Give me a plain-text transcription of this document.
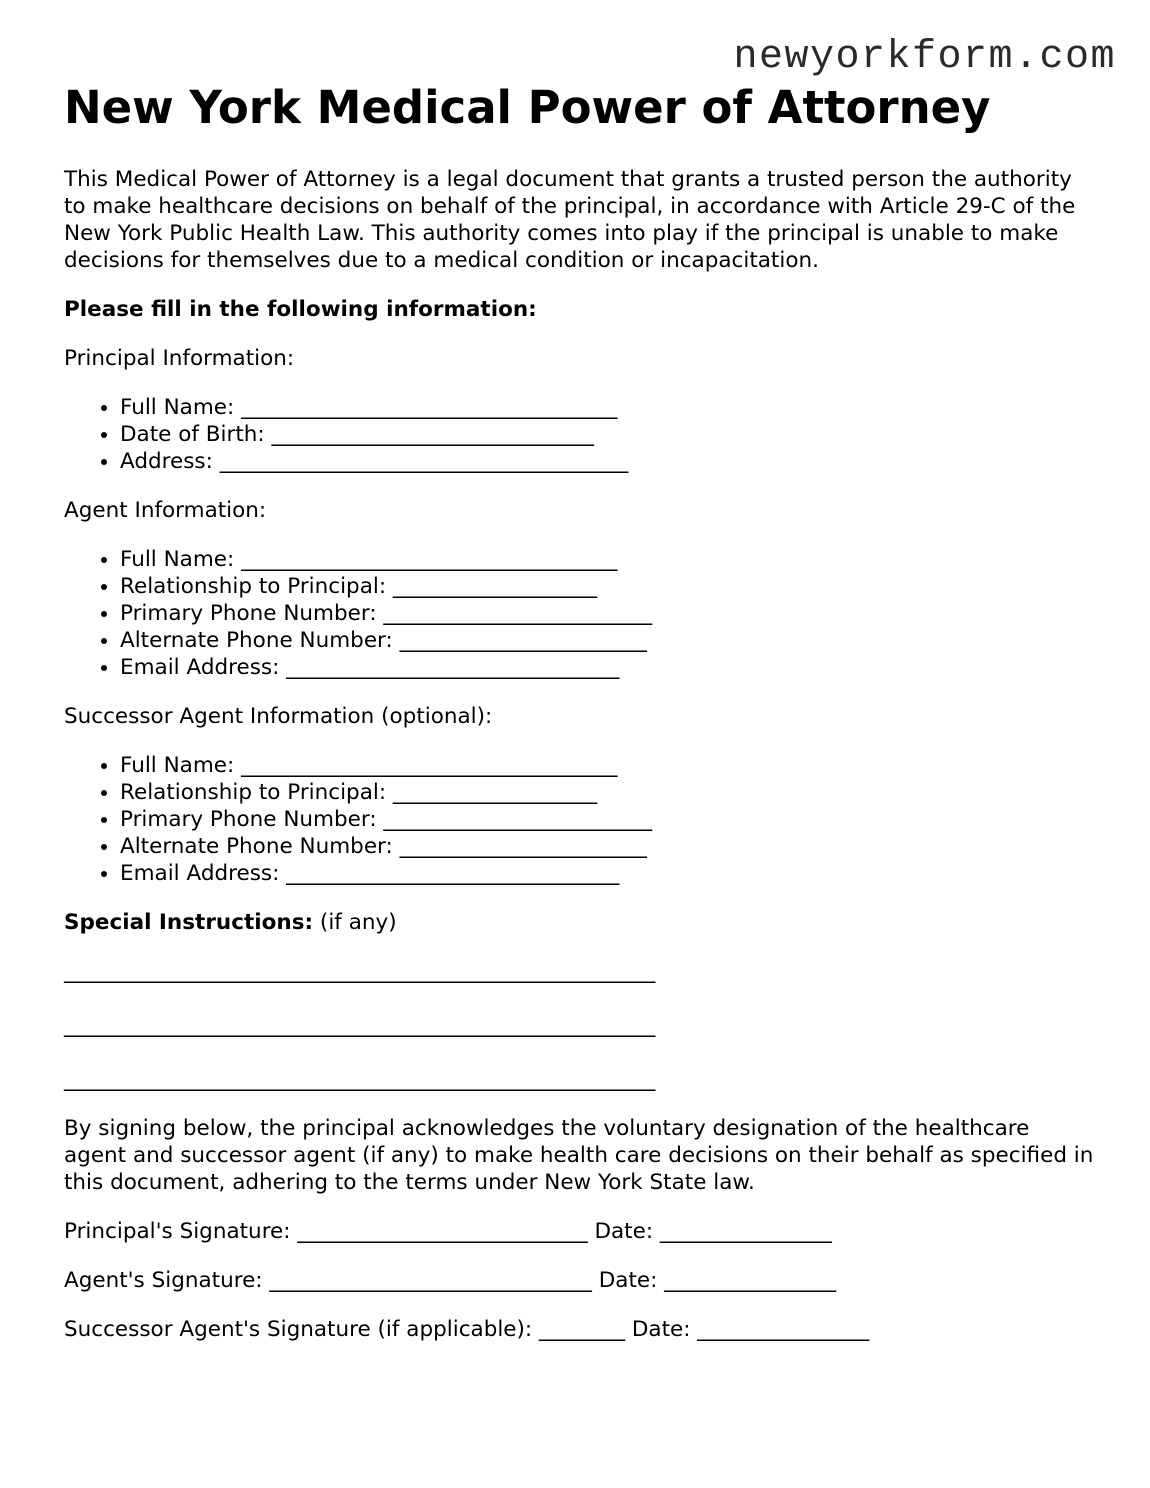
newyorkform.com
New York Medical Power of Attorney

This Medical Power of Attorney is a legal document that grants a trusted person the authority to make healthcare decisions on behalf of the principal, in accordance with Article 29-C of the New York Public Health Law. This authority comes into play if the principal is unable to make decisions for themselves due to a medical condition or incapacitation.

Please fill in the following information:

Principal Information:

• Full Name: ___________________________________
• Date of Birth: ______________________________
• Address: ______________________________________

Agent Information:

• Full Name: ___________________________________
• Relationship to Principal: ___________________
• Primary Phone Number: _________________________
• Alternate Phone Number: _______________________
• Email Address: _______________________________

Successor Agent Information (optional):

• Full Name: ___________________________________
• Relationship to Principal: ___________________
• Primary Phone Number: _________________________
• Alternate Phone Number: _______________________
• Email Address: _______________________________

Special Instructions: (if any)

_______________________________________________________

_______________________________________________________

_______________________________________________________

By signing below, the principal acknowledges the voluntary designation of the healthcare agent and successor agent (if any) to make health care decisions on their behalf as specified in this document, adhering to the terms under New York State law.

Principal's Signature: ___________________________ Date: ________________

Agent's Signature: ______________________________ Date: ________________

Successor Agent's Signature (if applicable): ________ Date: ________________
